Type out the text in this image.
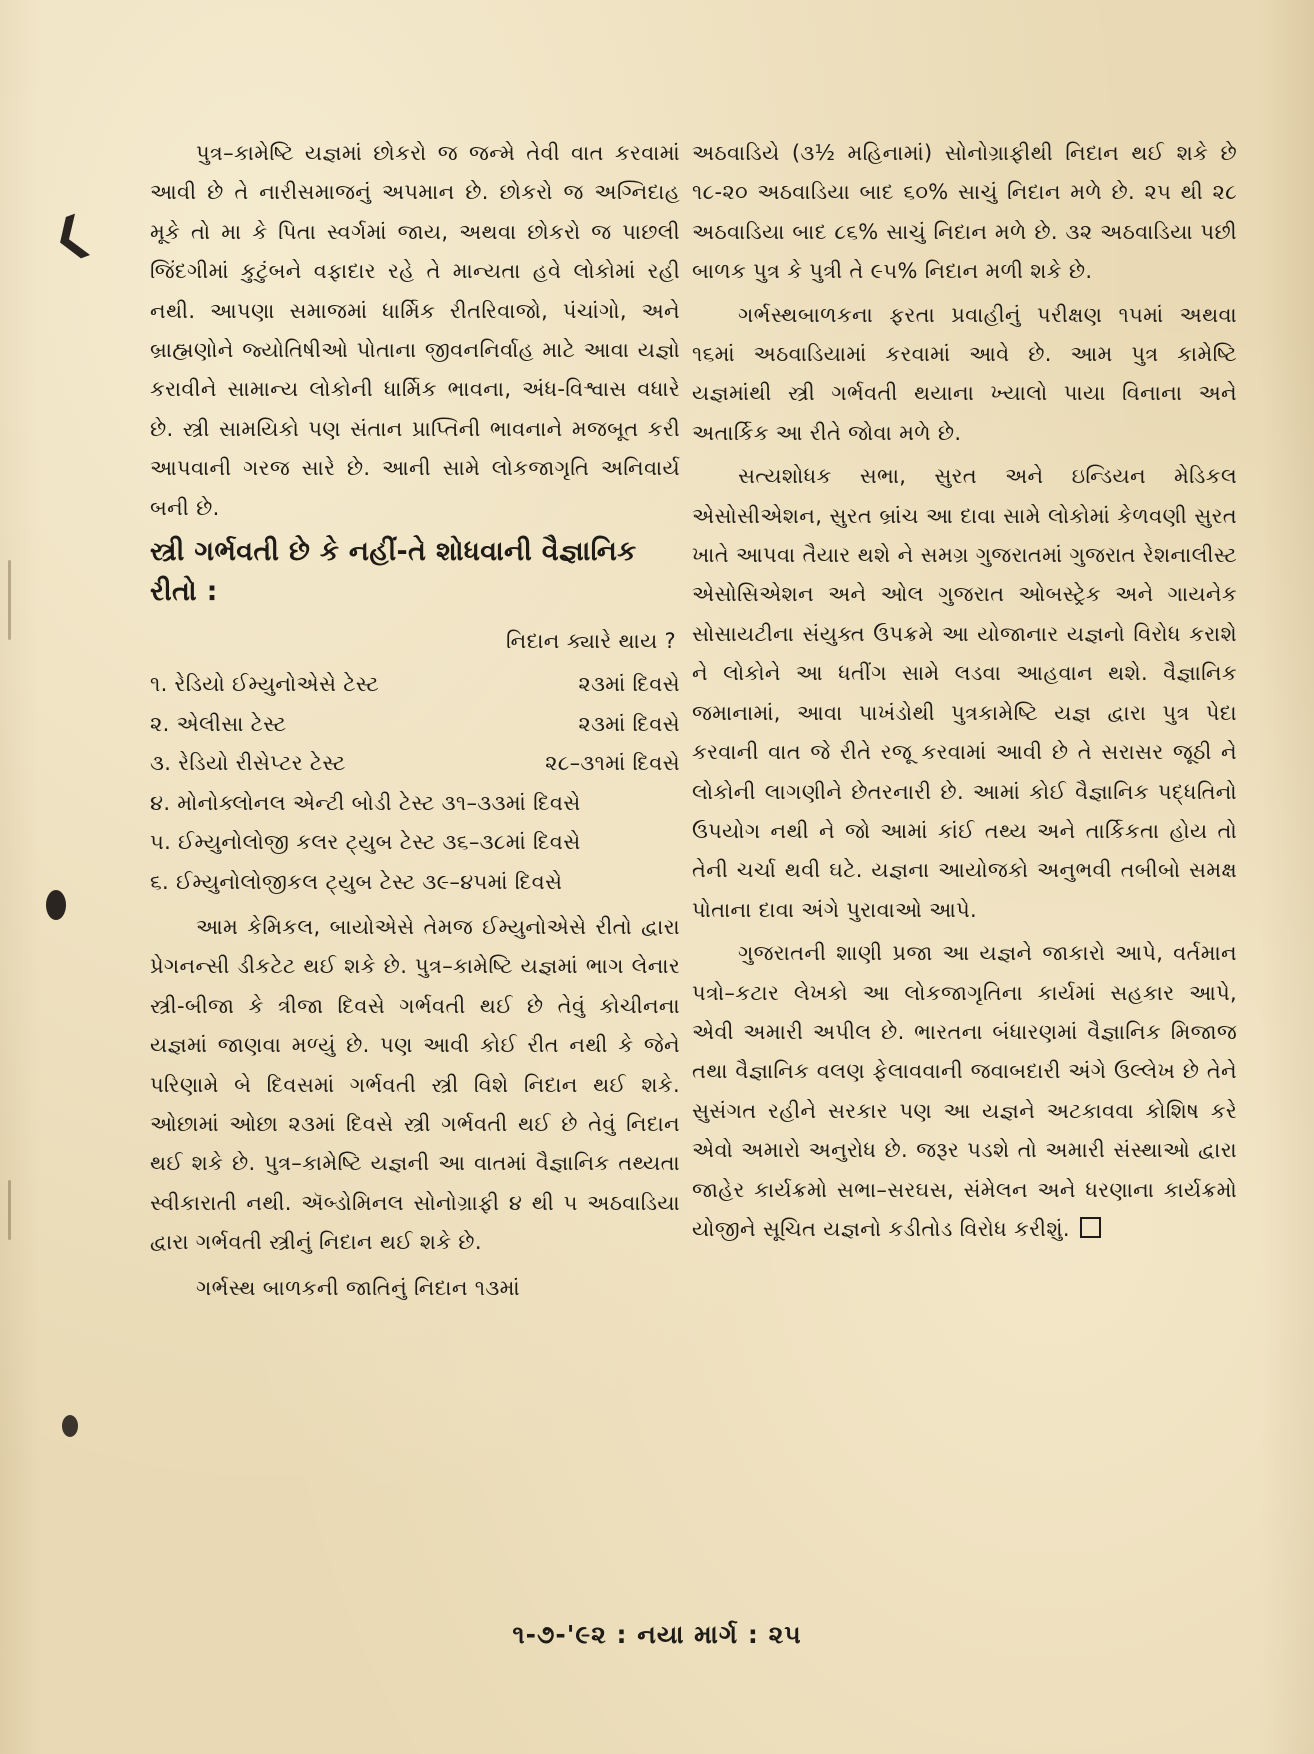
❮

પુત્ર–કામેષ્ટિ યજ્ઞમાં છોકરો જ જન્મે તેવી વાત કરવામાં આવી છે તે નારીસમાજનું અપમાન છે. છોકરો જ અગ્નિદાહ મૂકે તો મા કે પિતા સ્વર્ગમાં જાય, અથવા છોકરો જ પાછલી જિંદગીમાં કુટુંબને વફાદાર રહે તે માન્યતા હવે લોકોમાં રહી નથી. આપણા સમાજમાં ધાર્મિક રીતરિવાજો, પંચાંગો, અને બ્રાહ્મણોને જ્યોતિષીઓ પોતાના જીવનનિર્વાહ માટે આવા યજ્ઞો કરાવીને સામાન્ય લોકોની ધાર્મિક ભાવના, અંધ-વિશ્વાસ વધારે છે. સ્ત્રી સામયિકો પણ સંતાન પ્રાપ્તિની ભાવનાને મજબૂત કરી આપવાની ગરજ સારે છે. આની સામે લોકજાગૃતિ અનિવાર્ય બની છે.

સ્ત્રી ગર્ભવતી છે કે નહીં-તે શોધવાની વૈજ્ઞાનિક રીતો :

નિદાન ક્યારે થાય ?

૧. રેડિયો ઈમ્યુનોએસે ટેસ્ટ	૨૩માં દિવસે
૨. એલીસા ટેસ્ટ	૨૩માં દિવસે
૩. રેડિયો રીસેપ્ટર ટેસ્ટ	૨૮–૩૧માં દિવસે
૪. મોનોક્લોનલ એન્ટી બોડી ટેસ્ટ ૩૧–૩૩માં દિવસે
૫. ઈમ્યુનોલોજી કલર ટ્યુબ ટેસ્ટ ૩૬–૩૮માં દિવસે
૬. ઈમ્યુનોલોજીકલ ટ્યુબ ટેસ્ટ ૩૯–૪૫માં દિવસે

આમ કેમિકલ, બાયોએસે તેમજ ઈમ્યુનોએસે રીતો દ્વારા પ્રેગનન્સી ડીકટેટ થઈ શકે છે. પુત્ર–કામેષ્ટિ યજ્ઞમાં ભાગ લેનાર સ્ત્રી-બીજા કે ત્રીજા દિવસે ગર્ભવતી થઈ છે તેવું કોચીનના યજ્ઞમાં જાણવા મળ્યું છે. પણ આવી કોઈ રીત નથી કે જેને પરિણામે બે દિવસમાં ગર્ભવતી સ્ત્રી વિશે નિદાન થઈ શકે. ઓછામાં ઓછા ૨૩માં દિવસે સ્ત્રી ગર્ભવતી થઈ છે તેવું નિદાન થઈ શકે છે. પુત્ર–કામેષ્ટિ યજ્ઞની આ વાતમાં વૈજ્ઞાનિક તથ્યતા સ્વીકારાતી નથી. ઍબ્ડોમિનલ સોનોગ્રાફી ૪ થી ૫ અઠવાડિયા દ્વારા ગર્ભવતી સ્ત્રીનું નિદાન થઈ શકે છે.

ગર્ભસ્થ બાળકની જાતિનું નિદાન ૧૩માં

અઠવાડિયે (૩½ મહિનામાં) સોનોગ્રાફીથી નિદાન થઈ શકે છે ૧૮-૨૦ અઠવાડિયા બાદ ૬૦% સાચું નિદાન મળે છે. ૨૫ થી ૨૮ અઠવાડિયા બાદ ૮૬% સાચું નિદાન મળે છે. ૩૨ અઠવાડિયા પછી બાળક પુત્ર કે પુત્રી તે ૯૫% નિદાન મળી શકે છે.

ગર્ભસ્થબાળકના ફરતા પ્રવાહીનું પરીક્ષણ ૧૫માં અથવા ૧૬માં અઠવાડિયામાં કરવામાં આવે છે. આમ પુત્ર કામેષ્ટિ યજ્ઞમાંથી સ્ત્રી ગર્ભવતી થયાના ખ્યાલો પાયા વિનાના અને અતાર્કિક આ રીતે જોવા મળે છે.

સત્યશોધક સભા, સુરત અને ઇન્ડિયન મેડિકલ એસોસીએશન, સુરત બ્રાંચ આ દાવા સામે લોકોમાં કેળવણી સુરત ખાતે આપવા તૈયાર થશે ને સમગ્ર ગુજરાતમાં ગુજરાત રેશનાલીસ્ટ એસોસિએશન અને ઓલ ગુજરાત ઓબસ્ટ્રેક અને ગાયનેક સોસાયટીના સંયુક્ત ઉપક્રમે આ યોજાનાર યજ્ઞનો વિરોધ કરાશે ને લોકોને આ ધતીંગ સામે લડવા આહવાન થશે. વૈજ્ઞાનિક જમાનામાં, આવા પાખંડોથી પુત્રકામેષ્ટિ યજ્ઞ દ્વારા પુત્ર પેદા કરવાની વાત જે રીતે રજૂ કરવામાં આવી છે તે સરાસર જૂઠી ને લોકોની લાગણીને છેતરનારી છે. આમાં કોઈ વૈજ્ઞાનિક પદ્ધતિનો ઉપયોગ નથી ને જો આમાં કાંઈ તથ્ય અને તાર્કિકતા હોય તો તેની ચર્ચા થવી ઘટે. યજ્ઞના આયોજકો અનુભવી તબીબો સમક્ષ પોતાના દાવા અંગે પુરાવાઓ આપે.

ગુજરાતની શાણી પ્રજા આ યજ્ઞને જાકારો આપે, વર્તમાન પત્રો–કટાર લેખકો આ લોકજાગૃતિના કાર્યમાં સહકાર આપે, એવી અમારી અપીલ છે. ભારતના બંધારણમાં વૈજ્ઞાનિક મિજાજ તથા વૈજ્ઞાનિક વલણ ફેલાવવાની જવાબદારી અંગે ઉલ્લેખ છે તેને સુસંગત રહીને સરકાર પણ આ યજ્ઞને અટકાવવા કોશિષ કરે એવો અમારો અનુરોધ છે. જરૂર પડશે તો અમારી સંસ્થાઓ દ્વારા જાહેર કાર્યક્રમો સભા–સરઘસ, સંમેલન અને ધરણાના કાર્યક્રમો યોજીને સૂચિત યજ્ઞનો કડીતોડ વિરોધ કરીશું.

૧-૭-'૯૨ : નયા માર્ગ : ૨૫
